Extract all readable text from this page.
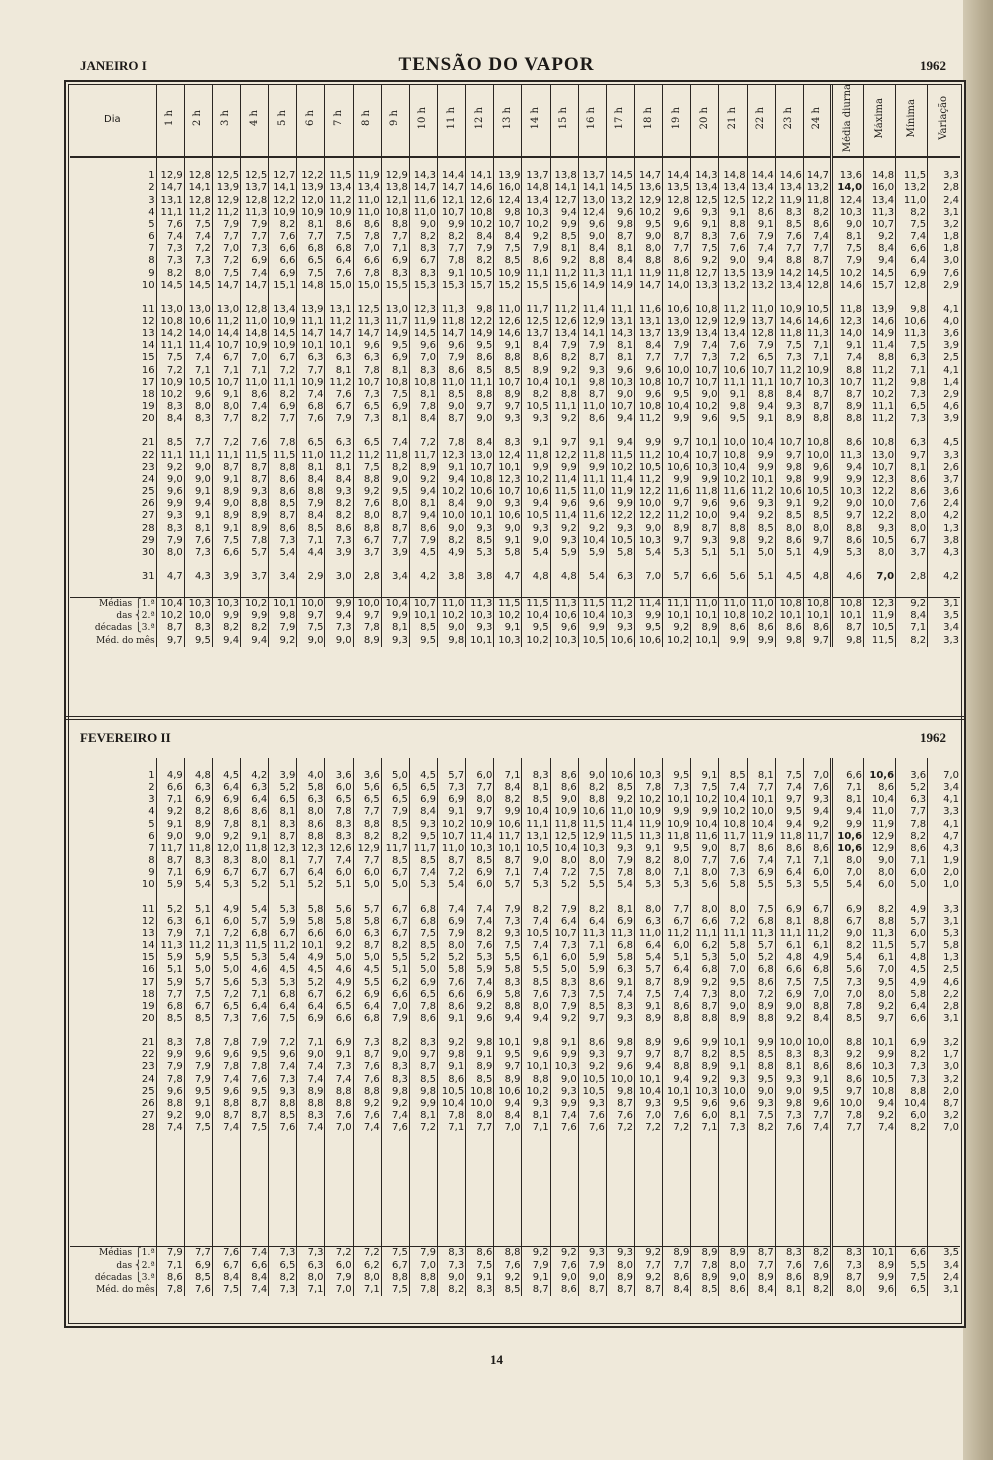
JANEIRO I	TENSÃO DO VAPOR	1962
Dia	1 h	2 h	3 h	4 h	5 h	6 h	7 h	8 h	9 h	10 h	11 h	12 h	13 h	14 h	15 h	16 h	17 h	18 h	19 h	20 h	21 h	22 h	23 h	24 h	Média diurna	Máxima	Mínima	Variação

1	12,9	12,8	12,5	12,5	12,7	12,2	11,5	11,9	12,9	14,3	14,4	14,1	13,9	13,7	13,8	13,7	14,5	14,7	14,4	14,3	14,8	14,4	14,6	14,7	13,6	14,8	11,5	3,3
2	14,7	14,1	13,9	13,7	14,1	13,9	13,4	13,4	13,8	14,7	14,7	14,6	16,0	14,8	14,1	14,1	14,5	13,6	13,5	13,4	13,4	13,4	13,4	13,2	14,0	16,0	13,2	2,8
3	13,1	12,8	12,9	12,8	12,2	12,0	11,2	11,0	12,1	11,6	12,1	12,6	12,4	13,4	12,7	13,0	13,2	12,9	12,8	12,5	12,5	12,2	11,9	11,8	12,4	13,4	11,0	2,4
4	11,1	11,2	11,2	11,3	10,9	10,9	10,9	11,0	10,8	11,0	10,7	10,8	9,8	10,3	9,4	12,4	9,6	10,2	9,6	9,3	9,1	8,6	8,3	8,2	10,3	11,3	8,2	3,1
5	7,6	7,5	7,9	7,9	8,2	8,1	8,6	8,6	8,8	9,0	9,9	10,2	10,7	10,2	9,9	9,6	9,8	9,5	9,6	9,1	8,8	9,1	8,5	8,6	9,0	10,7	7,5	3,2
6	7,4	7,4	7,7	7,7	7,6	7,7	7,5	7,8	7,7	8,2	8,2	8,4	8,4	9,2	8,5	9,0	8,7	9,0	8,7	8,3	7,6	7,9	7,6	7,4	8,1	9,2	7,4	1,8
7	7,3	7,2	7,0	7,3	6,6	6,8	6,8	7,0	7,1	8,3	7,7	7,9	7,5	7,9	8,1	8,4	8,1	8,0	7,7	7,5	7,6	7,4	7,7	7,7	7,5	8,4	6,6	1,8
8	7,3	7,3	7,2	6,9	6,6	6,5	6,4	6,6	6,9	6,7	7,8	8,2	8,5	8,6	9,2	8,8	8,4	8,8	8,6	9,2	9,0	9,4	8,8	8,7	7,9	9,4	6,4	3,0
9	8,2	8,0	7,5	7,4	6,9	7,5	7,6	7,8	8,3	8,3	9,1	10,5	10,9	11,1	11,2	11,3	11,1	11,9	11,8	12,7	13,5	13,9	14,2	14,5	10,2	14,5	6,9	7,6
10	14,5	14,5	14,7	14,7	15,1	14,8	15,0	15,0	15,5	15,3	15,3	15,7	15,2	15,5	15,6	14,9	14,9	14,7	14,0	13,3	13,2	13,2	13,4	12,8	14,6	15,7	12,8	2,9

11	13,0	13,0	13,0	12,8	13,4	13,9	13,1	12,5	13,0	12,3	11,3	9,8	11,0	11,7	11,2	11,4	11,1	11,6	10,6	10,8	11,2	11,0	10,9	10,5	11,8	13,9	9,8	4,1
12	10,8	10,6	11,2	11,0	10,9	11,1	11,2	11,3	11,7	11,9	11,8	12,2	12,6	12,5	12,6	12,9	13,1	13,1	13,0	12,9	12,9	13,7	14,6	14,6	12,3	14,6	10,6	4,0
13	14,2	14,0	14,4	14,8	14,5	14,7	14,7	14,7	14,9	14,5	14,7	14,9	14,6	13,7	13,4	14,1	14,3	13,7	13,9	13,4	13,4	12,8	11,8	11,3	14,0	14,9	11,3	3,6
14	11,1	11,4	10,7	10,9	10,9	10,1	10,1	9,6	9,5	9,6	9,6	9,5	9,1	8,4	7,9	7,9	8,1	8,4	7,9	7,4	7,6	7,9	7,5	7,1	9,1	11,4	7,5	3,9
15	7,5	7,4	6,7	7,0	6,7	6,3	6,3	6,3	6,9	7,0	7,9	8,6	8,8	8,6	8,2	8,7	8,1	7,7	7,7	7,3	7,2	6,5	7,3	7,1	7,4	8,8	6,3	2,5
16	7,2	7,1	7,1	7,1	7,2	7,7	8,1	7,8	8,1	8,3	8,6	8,5	8,5	8,9	9,2	9,3	9,6	9,6	10,0	10,7	10,6	10,7	11,2	10,9	8,8	11,2	7,1	4,1
17	10,9	10,5	10,7	11,0	11,1	10,9	11,2	10,7	10,8	10,8	11,0	11,1	10,7	10,4	10,1	9,8	10,3	10,8	10,7	10,7	11,1	11,1	10,7	10,3	10,7	11,2	9,8	1,4
18	10,2	9,6	9,1	8,6	8,2	7,4	7,6	7,3	7,5	8,1	8,5	8,8	8,9	8,2	8,8	8,7	9,0	9,6	9,5	9,0	9,1	8,8	8,4	8,7	8,7	10,2	7,3	2,9
19	8,3	8,0	8,0	7,4	6,9	6,8	6,7	6,5	6,9	7,8	9,0	9,7	9,7	10,5	11,1	11,0	10,7	10,8	10,4	10,2	9,8	9,4	9,3	8,7	8,9	11,1	6,5	4,6
20	8,4	8,3	7,7	8,2	7,7	7,6	7,9	7,3	8,1	8,4	8,7	9,0	9,3	9,3	9,2	8,6	9,4	11,2	9,9	9,6	9,5	9,1	8,9	8,8	8,8	11,2	7,3	3,9

21	8,5	7,7	7,2	7,6	7,8	6,5	6,3	6,5	7,4	7,2	7,8	8,4	8,3	9,1	9,7	9,1	9,4	9,9	9,7	10,1	10,0	10,4	10,7	10,8	8,6	10,8	6,3	4,5
22	11,1	11,1	11,1	11,5	11,5	11,0	11,2	11,2	11,8	11,7	12,3	13,0	12,4	11,8	12,2	11,8	11,5	11,2	10,4	10,7	10,8	9,9	9,7	10,0	11,3	13,0	9,7	3,3
23	9,2	9,0	8,7	8,7	8,8	8,1	8,1	7,5	8,2	8,9	9,1	10,7	10,1	9,9	9,9	9,9	10,2	10,5	10,6	10,3	10,4	9,9	9,8	9,6	9,4	10,7	8,1	2,6
24	9,0	9,0	9,1	8,7	8,6	8,4	8,4	8,8	9,0	9,2	9,4	10,8	12,3	10,2	11,4	11,1	11,4	11,2	9,9	9,9	10,2	10,1	9,8	9,9	9,9	12,3	8,6	3,7
25	9,6	9,1	8,9	9,3	8,6	8,8	9,3	9,2	9,5	9,4	10,2	10,6	10,7	10,6	11,5	11,0	11,9	12,2	11,6	11,8	11,6	11,2	10,6	10,5	10,3	12,2	8,6	3,6
26	9,9	9,4	9,0	8,8	8,5	7,9	8,2	7,6	8,0	8,1	8,4	9,0	9,3	9,4	9,6	9,6	9,9	10,0	9,7	9,6	9,6	9,3	9,1	9,2	9,0	10,0	7,6	2,4
27	9,3	9,1	8,9	8,9	8,7	8,4	8,2	8,0	8,7	9,4	10,0	10,1	10,6	10,5	11,4	11,6	12,2	12,2	11,2	10,0	9,4	9,2	8,5	8,5	9,7	12,2	8,0	4,2
28	8,3	8,1	9,1	8,9	8,6	8,5	8,6	8,8	8,7	8,6	9,0	9,3	9,0	9,3	9,2	9,2	9,3	9,0	8,9	8,7	8,8	8,5	8,0	8,0	8,8	9,3	8,0	1,3
29	7,9	7,6	7,5	7,8	7,3	7,1	7,3	6,7	7,7	7,9	8,2	8,5	9,1	9,0	9,3	10,4	10,5	10,3	9,7	9,3	9,8	9,2	8,6	9,7	8,6	10,5	6,7	3,8
30	8,0	7,3	6,6	5,7	5,4	4,4	3,9	3,7	3,9	4,5	4,9	5,3	5,8	5,4	5,9	5,9	5,8	5,4	5,3	5,1	5,1	5,0	5,1	4,9	5,3	8,0	3,7	4,3

31	4,7	4,3	3,9	3,7	3,4	2,9	3,0	2,8	3,4	4,2	3,8	3,8	4,7	4,8	4,8	5,4	6,3	7,0	5,7	6,6	5,6	5,1	4,5	4,8	4,6	7,0	2,8	4,2

Médias ⎧1.ª	10,4	10,3	10,3	10,2	10,1	10,0	9,9	10,0	10,4	10,7	11,0	11,3	11,5	11,5	11,3	11,5	11,2	11,4	11,1	11,0	11,0	11,0	10,8	10,8	10,8	12,3	9,2	3,1
das ⎨2.ª	10,2	10,0	9,9	9,9	9,8	9,7	9,4	9,7	9,9	10,1	10,2	10,3	10,2	10,4	10,6	10,4	10,3	9,9	10,1	10,1	10,8	10,2	10,1	10,1	10,1	11,9	8,4	3,5
décadas ⎩3.ª	8,7	8,3	8,2	8,2	7,9	7,5	7,3	7,8	8,1	8,5	9,0	9,3	9,1	9,5	9,6	9,9	9,3	9,5	9,2	8,9	8,6	8,6	8,6	8,6	8,7	10,5	7,1	3,4
Méd. do mês	9,7	9,5	9,4	9,4	9,2	9,0	9,0	8,9	9,3	9,5	9,8	10,1	10,3	10,2	10,3	10,5	10,6	10,6	10,2	10,1	9,9	9,9	9,8	9,7	9,8	11,5	8,2	3,3
FEVEREIRO II	1962

1	4,9	4,8	4,5	4,2	3,9	4,0	3,6	3,6	5,0	4,5	5,7	6,0	7,1	8,3	8,6	9,0	10,6	10,3	9,5	9,1	8,5	8,1	7,5	7,0	6,6	10,6	3,6	7,0
2	6,6	6,3	6,4	6,3	5,2	5,8	6,0	5,6	6,5	6,5	7,3	7,7	8,4	8,1	8,6	8,2	8,5	7,8	7,3	7,5	7,4	7,7	7,4	7,6	7,1	8,6	5,2	3,4
3	7,1	6,9	6,9	6,4	6,5	6,3	6,5	6,5	6,5	6,9	6,9	8,0	8,2	8,5	9,0	8,8	9,2	10,2	10,1	10,2	10,4	10,1	9,7	9,3	8,1	10,4	6,3	4,1
4	9,2	8,2	8,6	8,6	8,1	8,0	7,8	7,7	7,9	8,4	9,1	9,7	9,9	10,4	10,9	10,6	11,0	10,9	9,9	9,9	10,2	10,0	9,5	9,4	9,4	11,0	7,7	3,3
5	9,1	8,9	7,8	8,1	8,3	8,6	8,3	8,8	8,5	9,3	10,2	10,9	10,6	11,1	11,8	11,5	11,4	11,9	10,9	10,4	10,8	10,4	9,4	9,2	9,9	11,9	7,8	4,1
6	9,0	9,0	9,2	9,1	8,7	8,8	8,3	8,2	8,2	9,5	10,7	11,4	11,7	13,1	12,5	12,9	11,5	11,3	11,8	11,6	11,7	11,9	11,8	11,7	10,6	12,9	8,2	4,7
7	11,7	11,8	12,0	11,8	12,3	12,3	12,6	12,9	11,7	11,7	11,0	10,3	10,1	10,5	10,4	10,3	9,3	9,1	9,5	9,0	8,7	8,6	8,6	8,6	10,6	12,9	8,6	4,3
8	8,7	8,3	8,3	8,0	8,1	7,7	7,4	7,7	8,5	8,5	8,7	8,5	8,7	9,0	8,0	8,0	7,9	8,2	8,0	7,7	7,6	7,4	7,1	7,1	8,0	9,0	7,1	1,9
9	7,1	6,9	6,7	6,7	6,7	6,4	6,0	6,0	6,7	7,4	7,2	6,9	7,1	7,4	7,2	7,5	7,8	8,0	7,1	8,0	7,3	6,9	6,4	6,0	7,0	8,0	6,0	2,0
10	5,9	5,4	5,3	5,2	5,1	5,2	5,1	5,0	5,0	5,3	5,4	6,0	5,7	5,3	5,2	5,5	5,4	5,3	5,3	5,6	5,8	5,5	5,3	5,5	5,4	6,0	5,0	1,0

11	5,2	5,1	4,9	5,4	5,3	5,8	5,6	5,7	6,7	6,8	7,4	7,4	7,9	8,2	7,9	8,2	8,1	8,0	7,7	8,0	8,0	7,5	6,9	6,7	6,9	8,2	4,9	3,3
12	6,3	6,1	6,0	5,7	5,9	5,8	5,8	5,8	6,7	6,8	6,9	7,4	7,3	7,4	6,4	6,4	6,9	6,3	6,7	6,6	7,2	6,8	8,1	8,8	6,7	8,8	5,7	3,1
13	7,9	7,1	7,2	6,8	6,7	6,6	6,0	6,3	6,7	7,5	7,9	8,2	9,3	10,5	10,7	11,3	11,3	11,0	11,2	11,1	11,1	11,3	11,1	11,2	9,0	11,3	6,0	5,3
14	11,3	11,2	11,3	11,5	11,2	10,1	9,2	8,7	8,2	8,5	8,0	7,6	7,5	7,4	7,3	7,1	6,8	6,4	6,0	6,2	5,8	5,7	6,1	6,1	8,2	11,5	5,7	5,8
15	5,9	5,9	5,5	5,3	5,4	4,9	5,0	5,0	5,5	5,2	5,2	5,3	5,5	6,1	6,0	5,9	5,8	5,4	5,1	5,3	5,0	5,2	4,8	4,9	5,4	6,1	4,8	1,3
16	5,1	5,0	5,0	4,6	4,5	4,5	4,6	4,5	5,1	5,0	5,8	5,9	5,8	5,5	5,0	5,9	6,3	5,7	6,4	6,8	7,0	6,8	6,6	6,8	5,6	7,0	4,5	2,5
17	5,9	5,7	5,6	5,3	5,3	5,2	4,9	5,5	6,2	6,9	7,6	7,4	8,3	8,5	8,3	8,6	9,1	8,7	8,9	9,2	9,5	8,6	7,5	7,5	7,3	9,5	4,9	4,6
18	7,7	7,5	7,2	7,1	6,8	6,7	6,2	6,9	6,6	6,5	6,6	6,9	5,8	7,6	7,3	7,5	7,4	7,5	7,4	7,3	8,0	7,2	6,9	7,0	7,0	8,0	5,8	2,2
19	6,8	6,7	6,5	6,4	6,4	6,4	6,5	6,4	7,0	7,8	8,6	9,2	8,8	8,0	7,9	8,5	8,3	9,1	8,6	8,7	9,0	8,9	9,0	8,8	7,8	9,2	6,4	2,8
20	8,5	8,5	7,3	7,6	7,5	6,9	6,6	6,8	7,9	8,6	9,1	9,6	9,4	9,4	9,2	9,7	9,3	8,9	8,8	8,8	8,9	8,8	9,2	8,4	8,5	9,7	6,6	3,1

21	8,3	7,8	7,8	7,9	7,2	7,1	6,9	7,3	8,2	8,3	9,2	9,8	10,1	9,8	9,1	8,6	9,8	8,9	9,6	9,9	10,1	9,9	10,0	10,0	8,8	10,1	6,9	3,2
22	9,9	9,6	9,6	9,5	9,6	9,0	9,1	8,7	9,0	9,7	9,8	9,1	9,5	9,6	9,9	9,3	9,7	9,7	8,7	8,2	8,5	8,5	8,3	8,3	9,2	9,9	8,2	1,7
23	7,9	7,9	7,8	7,8	7,4	7,4	7,3	7,6	8,3	8,7	9,1	8,9	9,7	10,1	10,3	9,2	9,6	9,4	8,8	8,9	9,1	8,8	8,1	8,6	8,6	10,3	7,3	3,0
24	7,8	7,9	7,4	7,6	7,3	7,4	7,4	7,6	8,3	8,5	8,6	8,5	8,9	8,8	9,0	10,5	10,0	10,1	9,4	9,2	9,3	9,5	9,3	9,1	8,6	10,5	7,3	3,2
25	9,6	9,5	9,6	9,5	9,3	8,9	8,8	8,8	9,8	9,8	10,5	10,8	10,6	10,2	9,3	10,5	9,8	10,4	10,1	10,3	10,0	9,0	9,0	9,5	9,7	10,8	8,8	2,0
26	8,8	9,1	8,8	8,7	8,8	8,8	8,8	9,2	9,2	9,9	10,4	10,0	9,4	9,3	9,9	9,3	8,7	9,3	9,5	9,6	9,6	9,3	9,8	9,6	10,0	9,4	10,4	8,7
27	9,2	9,0	8,7	8,7	8,5	8,3	7,6	7,6	7,4	8,1	7,8	8,0	8,4	8,1	7,4	7,6	7,6	7,0	7,6	6,0	8,1	7,5	7,3	7,7	7,8	9,2	6,0	3,2
28	7,4	7,5	7,4	7,5	7,6	7,4	7,0	7,4	7,6	7,2	7,1	7,7	7,0	7,1	7,6	7,6	7,2	7,2	7,2	7,1	7,3	8,2	7,6	7,4	7,7	7,4	8,2	7,0

Médias ⎧1.ª	7,9	7,7	7,6	7,4	7,3	7,3	7,2	7,2	7,5	7,9	8,3	8,6	8,8	9,2	9,2	9,3	9,3	9,2	8,9	8,9	8,9	8,7	8,3	8,2	8,3	10,1	6,6	3,5
das ⎨2.ª	7,1	6,9	6,7	6,6	6,5	6,3	6,0	6,2	6,7	7,0	7,3	7,5	7,6	7,9	7,6	7,9	8,0	7,7	7,7	7,8	8,0	7,7	7,6	7,6	7,3	8,9	5,5	3,4
décadas ⎩3.ª	8,6	8,5	8,4	8,4	8,2	8,0	7,9	8,0	8,8	8,8	9,0	9,1	9,2	9,1	9,0	9,0	8,9	9,2	8,6	8,9	9,0	8,9	8,6	8,9	8,7	9,9	7,5	2,4
Méd. do mês	7,8	7,6	7,5	7,4	7,3	7,1	7,0	7,1	7,5	7,8	8,2	8,3	8,5	8,7	8,6	8,7	8,7	8,7	8,4	8,5	8,6	8,4	8,1	8,2	8,0	9,6	6,5	3,1
14
